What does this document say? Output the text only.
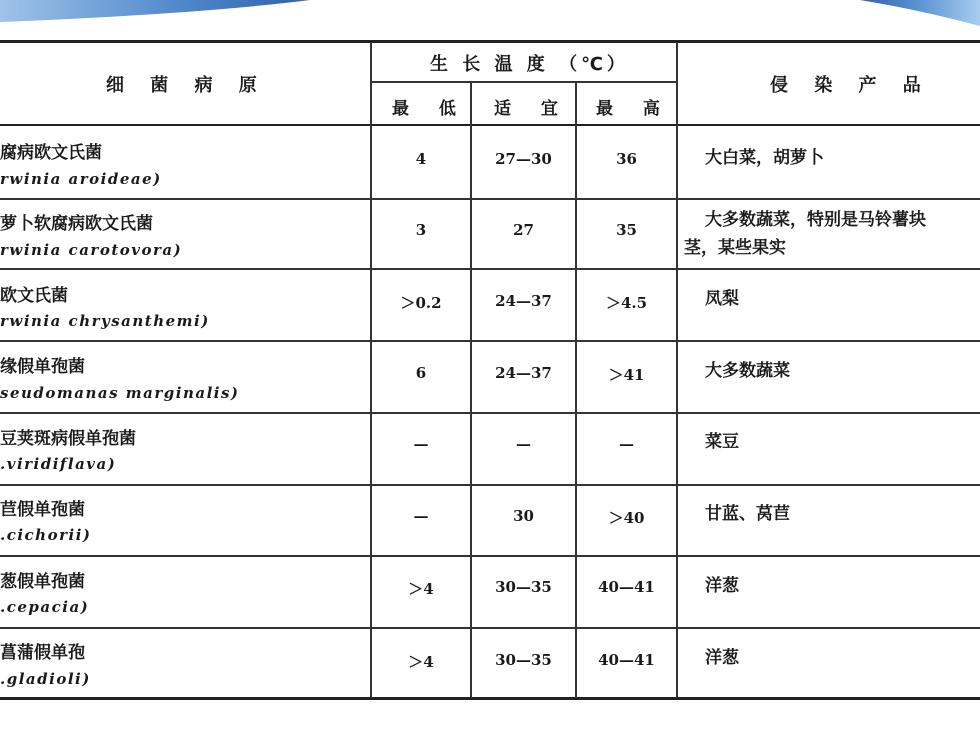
细 菌 病 原
生 长 温 度 （℃）
最 低 适 宜 最 高
侵 染 产 品
腐病欧文氏菌
rwinia aroideae)
4	27—30	36	大白菜，胡萝卜
萝卜软腐病欧文氏菌
rwinia carotovora)
3	27	35	大多数蔬菜，特别是马铃薯块
茎，某些果实
欧文氏菌
rwinia chrysanthemi)
＞0.2	24—37	＞4.5	凤梨
缘假单孢菌
seudomanas marginalis)
6	24—37	＞41	大多数蔬菜
豆荚斑病假单孢菌
.viridiflava)
—	—	—	菜豆
苣假单孢菌
.cichorii)
—	30	＞40	甘蓝、莴苣
葱假单孢菌
.cepacia)
＞4	30—35	40—41	洋葱
菖蒲假单孢
.gladioli)
＞4	30—35	40—41	洋葱
